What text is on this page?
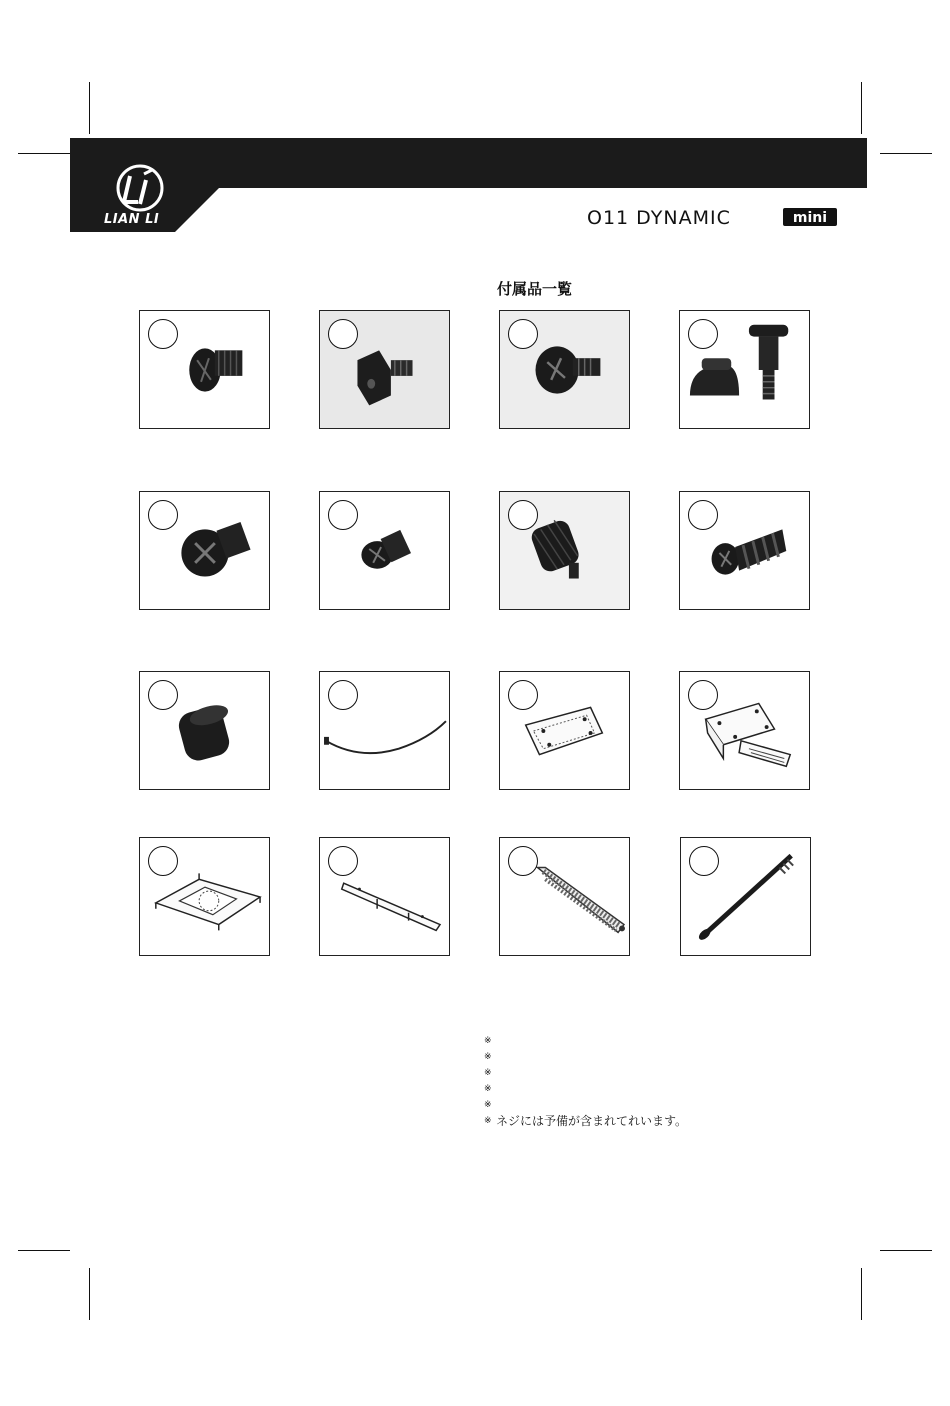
LIAN LI	O11 DYNAMIC	mini
付属品一覧
※
※
※
※
※
※ ネジには予備が含まれてれいます。
